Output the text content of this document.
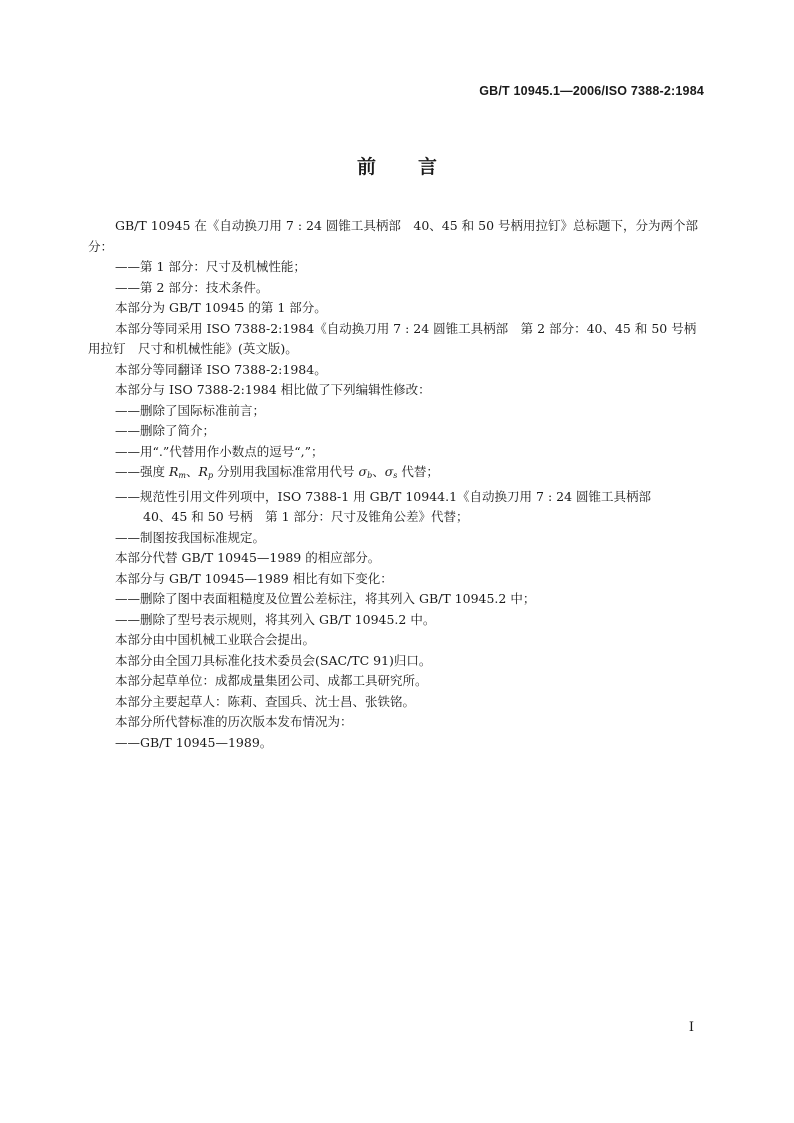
GB/T 10945.1—2006/ISO 7388-2:1984
前 言

GB/T 10945 在《自动换刀用 7 : 24 圆锥工具柄部　40、45 和 50 号柄用拉钉》总标题下，分为两个部分：

——第 1 部分：尺寸及机械性能；

——第 2 部分：技术条件。

本部分为 GB/T 10945 的第 1 部分。

本部分等同采用 ISO 7388-2:1984《自动换刀用 7 : 24 圆锥工具柄部　第 2 部分：40、45 和 50 号柄用拉钉　尺寸和机械性能》(英文版)。

本部分等同翻译 ISO 7388-2:1984。

本部分与 ISO 7388-2:1984 相比做了下列编辑性修改：

——删除了国际标准前言；

——删除了简介；

——用“.”代替用作小数点的逗号“,”；

——强度 $R_m$、$R_p$ 分别用我国标准常用代号 $\sigma_b$、$\sigma_s$ 代替；

——规范性引用文件列项中，ISO 7388-1 用 GB/T 10944.1《自动换刀用 7 : 24 圆锥工具柄部

40、45 和 50 号柄　第 1 部分：尺寸及锥角公差》代替；

——制图按我国标准规定。

本部分代替 GB/T 10945—1989 的相应部分。

本部分与 GB/T 10945—1989 相比有如下变化：

——删除了图中表面粗糙度及位置公差标注，将其列入 GB/T 10945.2 中；

——删除了型号表示规则，将其列入 GB/T 10945.2 中。

本部分由中国机械工业联合会提出。

本部分由全国刀具标准化技术委员会(SAC/TC 91)归口。

本部分起草单位：成都成量集团公司、成都工具研究所。

本部分主要起草人：陈莉、查国兵、沈士昌、张铁铭。

本部分所代替标准的历次版本发布情况为：

——GB/T 10945—1989。

I
